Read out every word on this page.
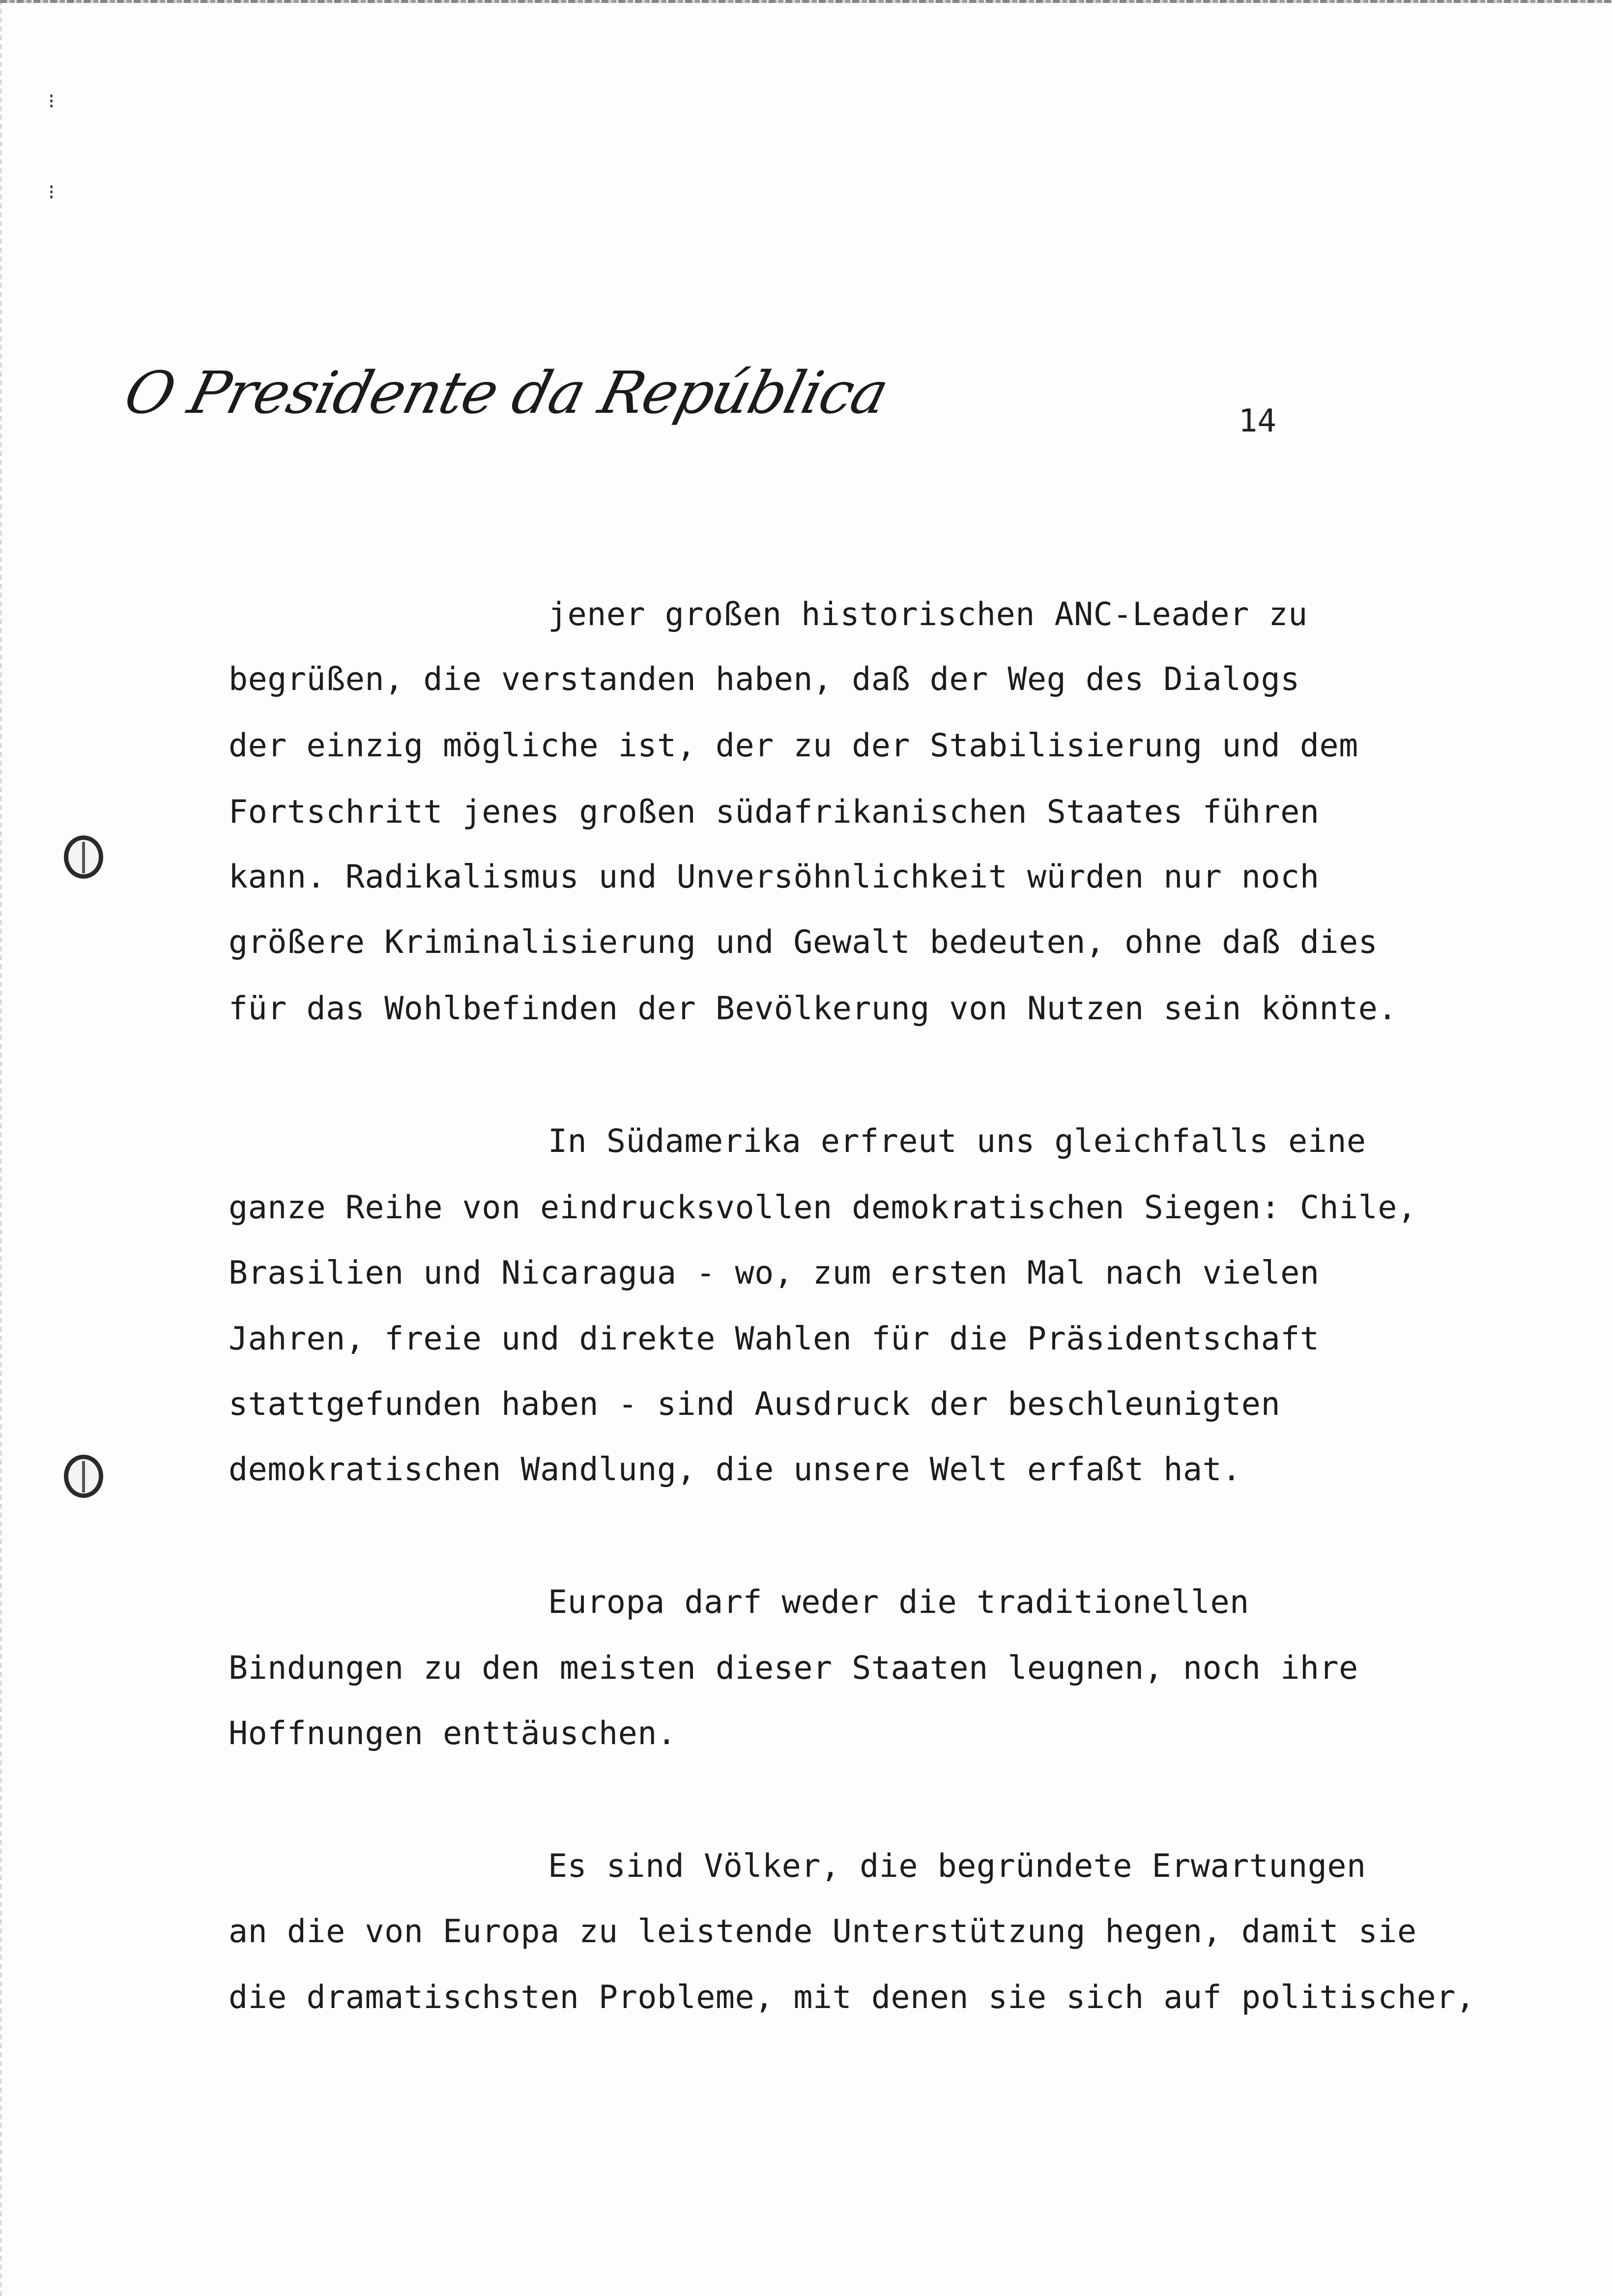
⁝
⁝
O Presidente da República	14
jener großen historischen ANC-Leader zu
begrüßen, die verstanden haben, daß der Weg des Dialogs
der einzig mögliche ist, der zu der Stabilisierung und dem
Fortschritt jenes großen südafrikanischen Staates führen
kann. Radikalismus und Unversöhnlichkeit würden nur noch
größere Kriminalisierung und Gewalt bedeuten, ohne daß dies
für das Wohlbefinden der Bevölkerung von Nutzen sein könnte.
In Südamerika erfreut uns gleichfalls eine
ganze Reihe von eindrucksvollen demokratischen Siegen: Chile,
Brasilien und Nicaragua - wo, zum ersten Mal nach vielen
Jahren, freie und direkte Wahlen für die Präsidentschaft
stattgefunden haben - sind Ausdruck der beschleunigten
demokratischen Wandlung, die unsere Welt erfaßt hat.
Europa darf weder die traditionellen
Bindungen zu den meisten dieser Staaten leugnen, noch ihre
Hoffnungen enttäuschen.
Es sind Völker, die begründete Erwartungen
an die von Europa zu leistende Unterstützung hegen, damit sie
die dramatischsten Probleme, mit denen sie sich auf politischer,
